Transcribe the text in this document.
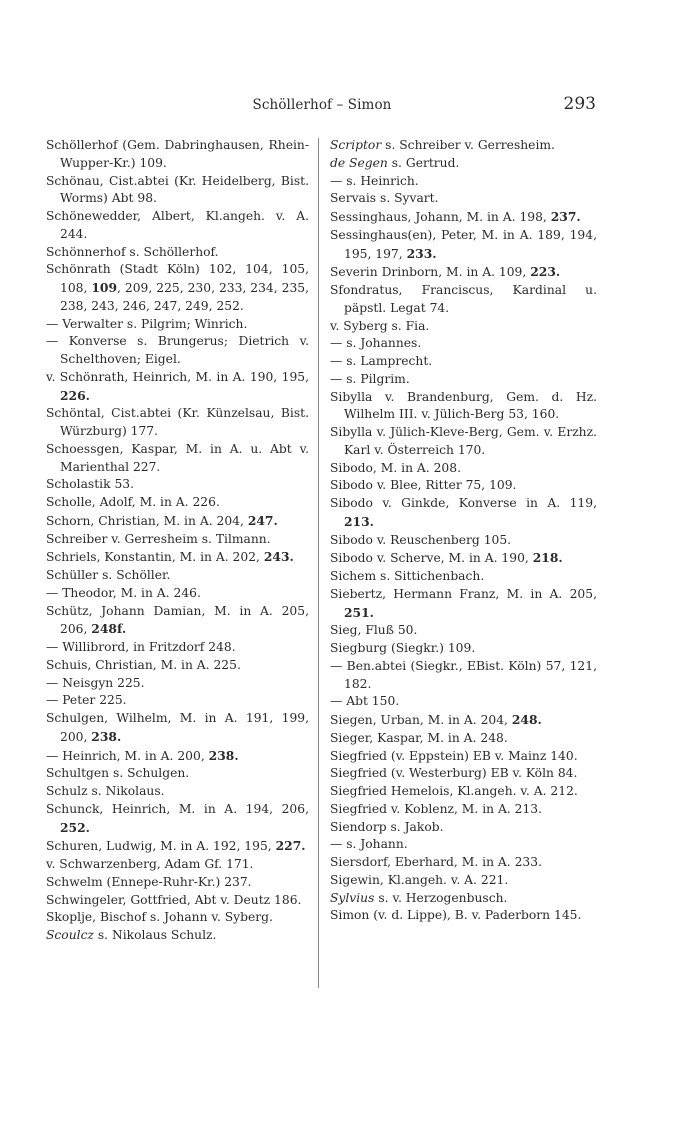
Schöllerhof – Simon	293
Schöllerhof (Gem. Dabringhausen, Rhein-Wupper-Kr.) 109.
Schönau, Cist.abtei (Kr. Heidelberg, Bist. Worms) Abt 98.
Schönewedder, Albert, Kl.angeh. v. A. 244.
Schönnerhof s. Schöllerhof.
Schönrath (Stadt Köln) 102, 104, 105, 108, 109, 209, 225, 230, 233, 234, 235, 238, 243, 246, 247, 249, 252.
— Verwalter s. Pilgrim; Winrich.
— Konverse s. Brungerus; Dietrich v. Schelthoven; Eigel.
v. Schönrath, Heinrich, M. in A. 190, 195, 226.
Schöntal, Cist.abtei (Kr. Künzelsau, Bist. Würzburg) 177.
Schoessgen, Kaspar, M. in A. u. Abt v. Marienthal 227.
Scholastik 53.
Scholle, Adolf, M. in A. 226.
Schorn, Christian, M. in A. 204, 247.
Schreiber v. Gerresheim s. Tilmann.
Schriels, Konstantin, M. in A. 202, 243.
Schüller s. Schöller.
— Theodor, M. in A. 246.
Schütz, Johann Damian, M. in A. 205, 206, 248f.
— Willibrord, in Fritzdorf 248.
Schuis, Christian, M. in A. 225.
— Neisgyn 225.
— Peter 225.
Schulgen, Wilhelm, M. in A. 191, 199, 200, 238.
— Heinrich, M. in A. 200, 238.
Schultgen s. Schulgen.
Schulz s. Nikolaus.
Schunck, Heinrich, M. in A. 194, 206, 252.
Schuren, Ludwig, M. in A. 192, 195, 227.
v. Schwarzenberg, Adam Gf. 171.
Schwelm (Ennepe-Ruhr-Kr.) 237.
Schwingeler, Gottfried, Abt v. Deutz 186.
Skoplje, Bischof s. Johann v. Syberg.
Scoulcz s. Nikolaus Schulz.
Scriptor s. Schreiber v. Gerresheim.
de Segen s. Gertrud.
— s. Heinrich.
Servais s. Syvart.
Sessinghaus, Johann, M. in A. 198, 237.
Sessinghaus(en), Peter, M. in A. 189, 194, 195, 197, 233.
Severin Drinborn, M. in A. 109, 223.
Sfondratus, Franciscus, Kardinal u. päpstl. Legat 74.
v. Syberg s. Fia.
— s. Johannes.
— s. Lamprecht.
— s. Pilgrim.
Sibylla v. Brandenburg, Gem. d. Hz. Wilhelm III. v. Jülich-Berg 53, 160.
Sibylla v. Jülich-Kleve-Berg, Gem. v. Erzhz. Karl v. Österreich 170.
Sibodo, M. in A. 208.
Sibodo v. Blee, Ritter 75, 109.
Sibodo v. Ginkde, Konverse in A. 119, 213.
Sibodo v. Reuschenberg 105.
Sibodo v. Scherve, M. in A. 190, 218.
Sichem s. Sittichenbach.
Siebertz, Hermann Franz, M. in A. 205, 251.
Sieg, Fluß 50.
Siegburg (Siegkr.) 109.
— Ben.abtei (Siegkr., EBist. Köln) 57, 121, 182.
— Abt 150.
Siegen, Urban, M. in A. 204, 248.
Sieger, Kaspar, M. in A. 248.
Siegfried (v. Eppstein) EB v. Mainz 140.
Siegfried (v. Westerburg) EB v. Köln 84.
Siegfried Hemelois, Kl.angeh. v. A. 212.
Siegfried v. Koblenz, M. in A. 213.
Siendorp s. Jakob.
— s. Johann.
Siersdorf, Eberhard, M. in A. 233.
Sigewin, Kl.angeh. v. A. 221.
Sylvius s. v. Herzogenbusch.
Simon (v. d. Lippe), B. v. Paderborn 145.
